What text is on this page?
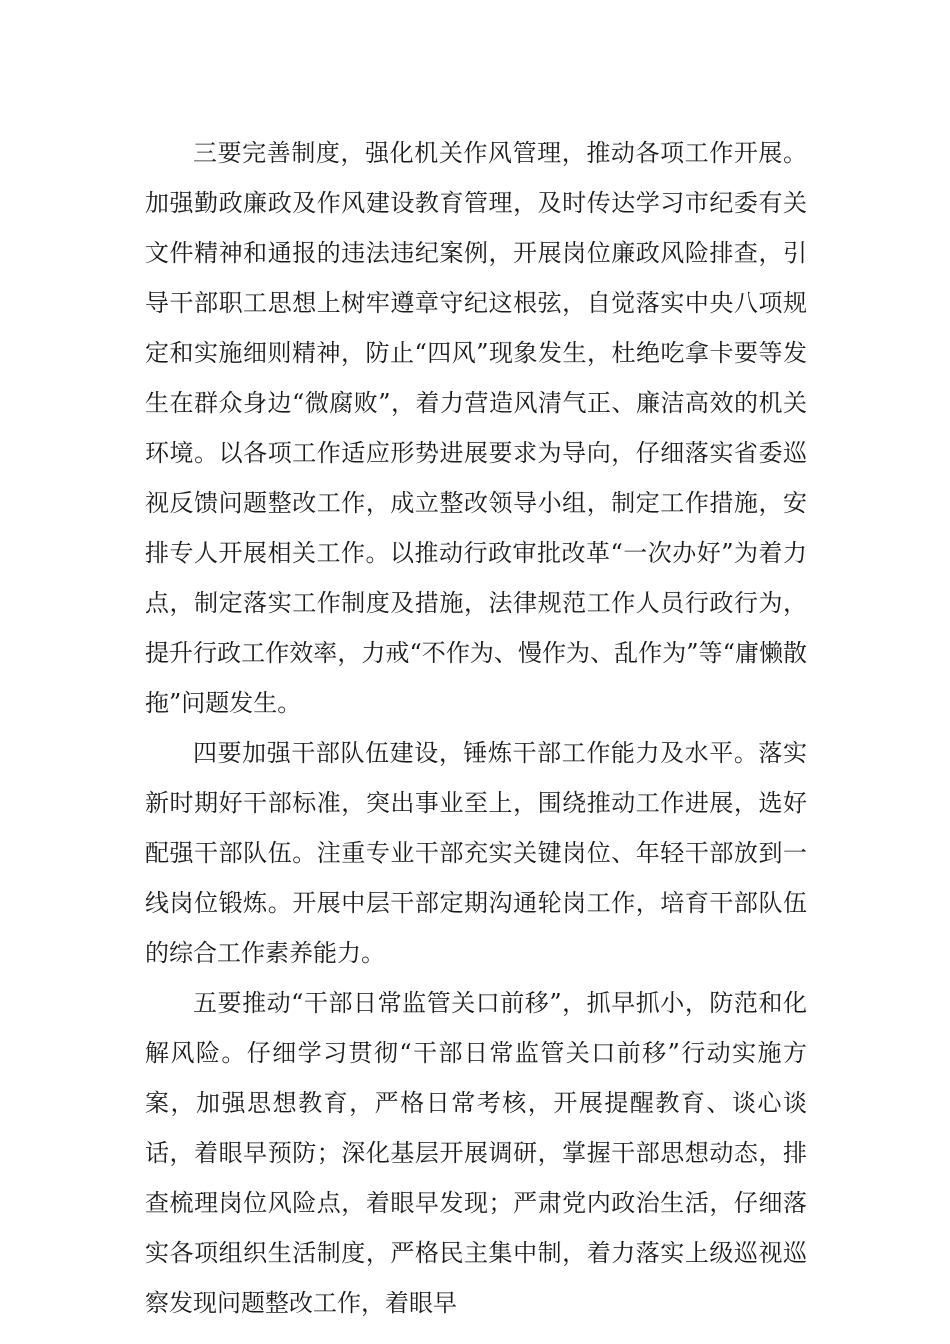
三要完善制度，强化机关作风管理，推动各项工作开展。加强勤政廉政及作风建设教育管理，及时传达学习市纪委有关文件精神和通报的违法违纪案例，开展岗位廉政风险排查，引导干部职工思想上树牢遵章守纪这根弦，自觉落实中央八项规定和实施细则精神，防止“四风”现象发生，杜绝吃拿卡要等发生在群众身边“微腐败”，着力营造风清气正、廉洁高效的机关环境。以各项工作适应形势进展要求为导向，仔细落实省委巡视反馈问题整改工作，成立整改领导小组，制定工作措施，安排专人开展相关工作。以推动行政审批改革“一次办好”为着力点，制定落实工作制度及措施，法律规范工作人员行政行为，提升行政工作效率，力戒“不作为、慢作为、乱作为”等“庸懒散拖”问题发生。

四要加强干部队伍建设，锤炼干部工作能力及水平。落实新时期好干部标准，突出事业至上，围绕推动工作进展，选好配强干部队伍。注重专业干部充实关键岗位、年轻干部放到一线岗位锻炼。开展中层干部定期沟通轮岗工作，培育干部队伍的综合工作素养能力。

五要推动“干部日常监管关口前移”，抓早抓小，防范和化解风险。仔细学习贯彻“干部日常监管关口前移”行动实施方案，加强思想教育，严格日常考核，开展提醒教育、谈心谈话，着眼早预防；深化基层开展调研，掌握干部思想动态，排查梳理岗位风险点，着眼早发现；严肃党内政治生活，仔细落实各项组织生活制度，严格民主集中制，着力落实上级巡视巡察发现问题整改工作，着眼早
